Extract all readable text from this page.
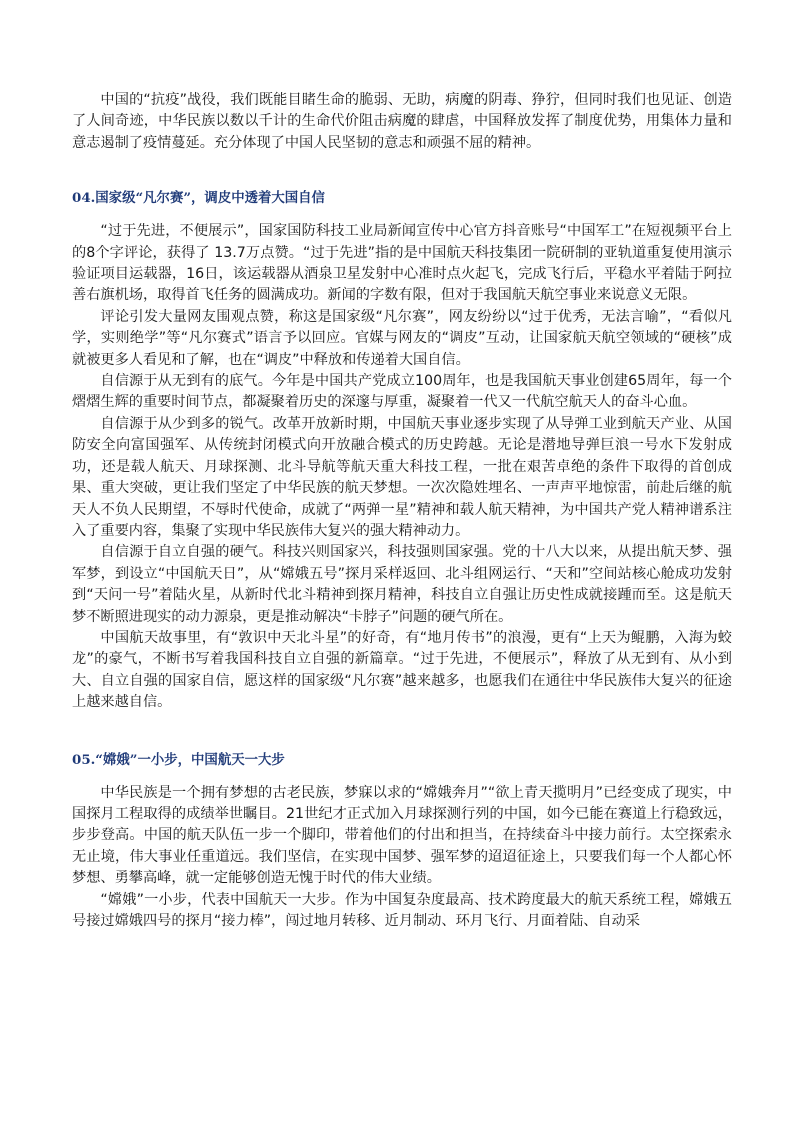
中国的“抗疫”战役，我们既能目睹生命的脆弱、无助，病魔的阴毒、狰狞，但同时我们也见证、创造了人间奇迹，中华民族以数以千计的生命代价阻击病魔的肆虐，中国释放发挥了制度优势，用集体力量和意志遏制了疫情蔓延。充分体现了中国人民坚韧的意志和顽强不屈的精神。

04.国家级“凡尔赛”，调皮中透着大国自信

“过于先进，不便展示”，国家国防科技工业局新闻宣传中心官方抖音账号“中国军工”在短视频平台上的8个字评论，获得了 13.7万点赞。“过于先进”指的是中国航天科技集团一院研制的亚轨道重复使用演示验证项目运载器，16日，该运载器从酒泉卫星发射中心准时点火起飞，完成飞行后，平稳水平着陆于阿拉善右旗机场，取得首飞任务的圆满成功。新闻的字数有限，但对于我国航天航空事业来说意义无限。

评论引发大量网友围观点赞，称这是国家级“凡尔赛”，网友纷纷以“过于优秀，无法言喻”，“看似凡学，实则绝学”等“凡尔赛式”语言予以回应。官媒与网友的“调皮”互动，让国家航天航空领域的“硬核”成就被更多人看见和了解，也在“调皮”中释放和传递着大国自信。

自信源于从无到有的底气。今年是中国共产党成立100周年，也是我国航天事业创建65周年，每一个熠熠生辉的重要时间节点，都凝聚着历史的深邃与厚重，凝聚着一代又一代航空航天人的奋斗心血。

自信源于从少到多的锐气。改革开放新时期，中国航天事业逐步实现了从导弹工业到航天产业、从国防安全向富国强军、从传统封闭模式向开放融合模式的历史跨越。无论是潜地导弹巨浪一号水下发射成功，还是载人航天、月球探测、北斗导航等航天重大科技工程，一批在艰苦卓绝的条件下取得的首创成果、重大突破，更让我们坚定了中华民族的航天梦想。一次次隐姓埋名、一声声平地惊雷，前赴后继的航天人不负人民期望，不辱时代使命，成就了“两弹一星”精神和载人航天精神，为中国共产党人精神谱系注入了重要内容，集聚了实现中华民族伟大复兴的强大精神动力。

自信源于自立自强的硬气。科技兴则国家兴，科技强则国家强。党的十八大以来，从提出航天梦、强军梦，到设立“中国航天日”，从“嫦娥五号”探月采样返回、北斗组网运行、“天和”空间站核心舱成功发射到“天问一号”着陆火星，从新时代北斗精神到探月精神，科技自立自强让历史性成就接踵而至。这是航天梦不断照进现实的动力源泉，更是推动解决“卡脖子”问题的硬气所在。

中国航天故事里，有“敦识中天北斗星”的好奇，有“地月传书”的浪漫，更有“上天为鲲鹏，入海为蛟龙”的豪气，不断书写着我国科技自立自强的新篇章。“过于先进，不便展示”，释放了从无到有、从小到大、自立自强的国家自信，愿这样的国家级“凡尔赛”越来越多，也愿我们在通往中华民族伟大复兴的征途上越来越自信。

05.“嫦娥”一小步，中国航天一大步

中华民族是一个拥有梦想的古老民族，梦寐以求的“嫦娥奔月”“欲上青天揽明月”已经变成了现实，中国探月工程取得的成绩举世瞩目。21世纪才正式加入月球探测行列的中国，如今已能在赛道上行稳致远，步步登高。中国的航天队伍一步一个脚印，带着他们的付出和担当，在持续奋斗中接力前行。太空探索永无止境，伟大事业任重道远。我们坚信，在实现中国梦、强军梦的迢迢征途上，只要我们每一个人都心怀梦想、勇攀高峰，就一定能够创造无愧于时代的伟大业绩。

“嫦娥”一小步，代表中国航天一大步。作为中国复杂度最高、技术跨度最大的航天系统工程，嫦娥五号接过嫦娥四号的探月“接力棒”，闯过地月转移、近月制动、环月飞行、月面着陆、自动采
